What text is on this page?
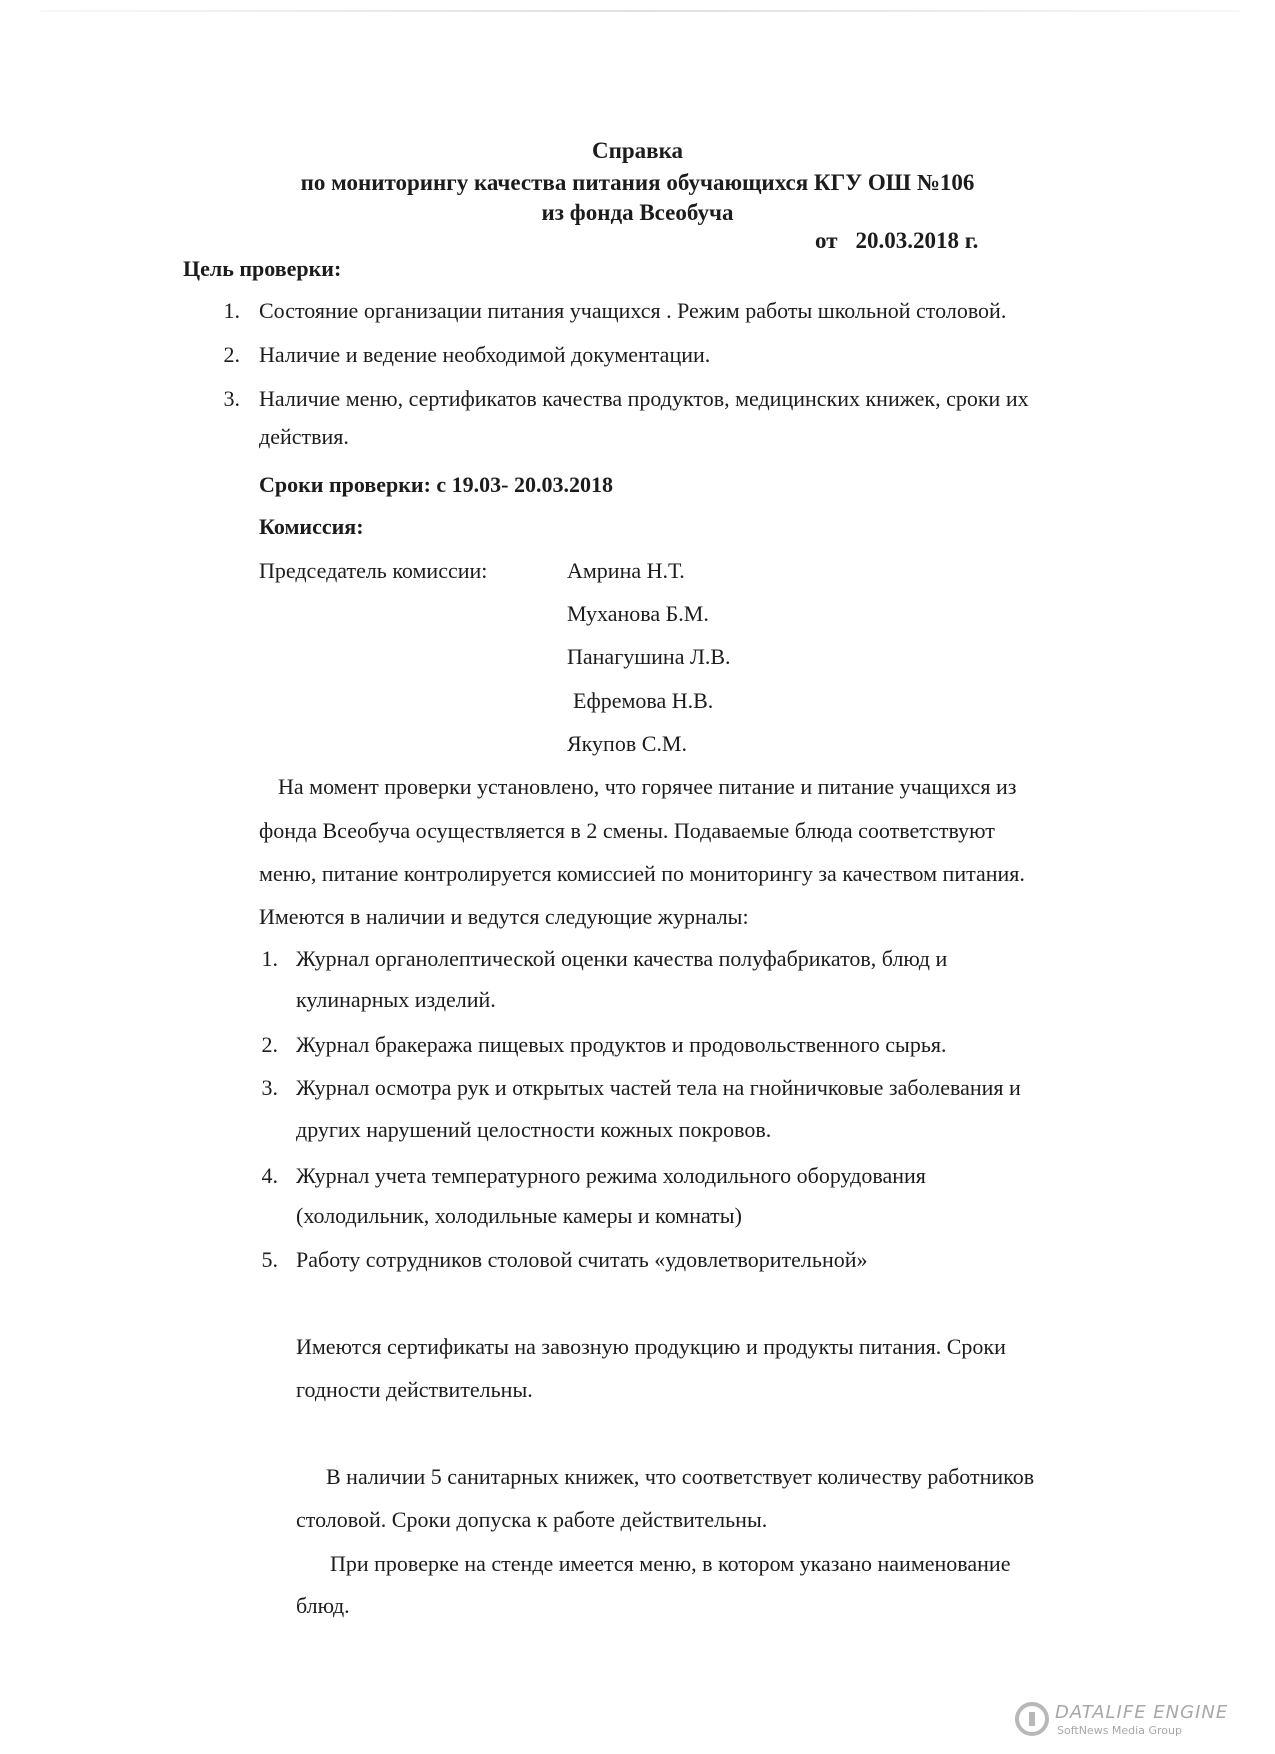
Справка
по мониторингу качества питания обучающихся КГУ ОШ №106
из фонда Всеобуча
от 20.03.2018 г.
Цель проверки:
1. Состояние организации питания учащихся . Режим работы школьной столовой.
2. Наличие и ведение необходимой документации.
3. Наличие меню, сертификатов качества продуктов, медицинских книжек, сроки их
действия.
Сроки проверки: с 19.03- 20.03.2018
Комиссия:
Председатель комиссии:	Амрина Н.Т.
Муханова Б.М.
Панагушина Л.В.
Ефремова Н.В.
Якупов С.М.
На момент проверки установлено, что горячее питание и питание учащихся из
фонда Всеобуча осуществляется в 2 смены. Подаваемые блюда соответствуют
меню, питание контролируется комиссией по мониторингу за качеством питания.
Имеются в наличии и ведутся следующие журналы:
1. Журнал органолептической оценки качества полуфабрикатов, блюд и
кулинарных изделий.
2. Журнал бракеража пищевых продуктов и продовольственного сырья.
3. Журнал осмотра рук и открытых частей тела на гнойничковые заболевания и
других нарушений целостности кожных покровов.
4. Журнал учета температурного режима холодильного оборудования
(холодильник, холодильные камеры и комнаты)
5. Работу сотрудников столовой считать «удовлетворительной»
Имеются сертификаты на завозную продукцию и продукты питания. Сроки
годности действительны.
В наличии 5 санитарных книжек, что соответствует количеству работников
столовой. Сроки допуска к работе действительны.
При проверке на стенде имеется меню, в котором указано наименование
блюд.
DATALIFE ENGINE
SoftNews Media Group
